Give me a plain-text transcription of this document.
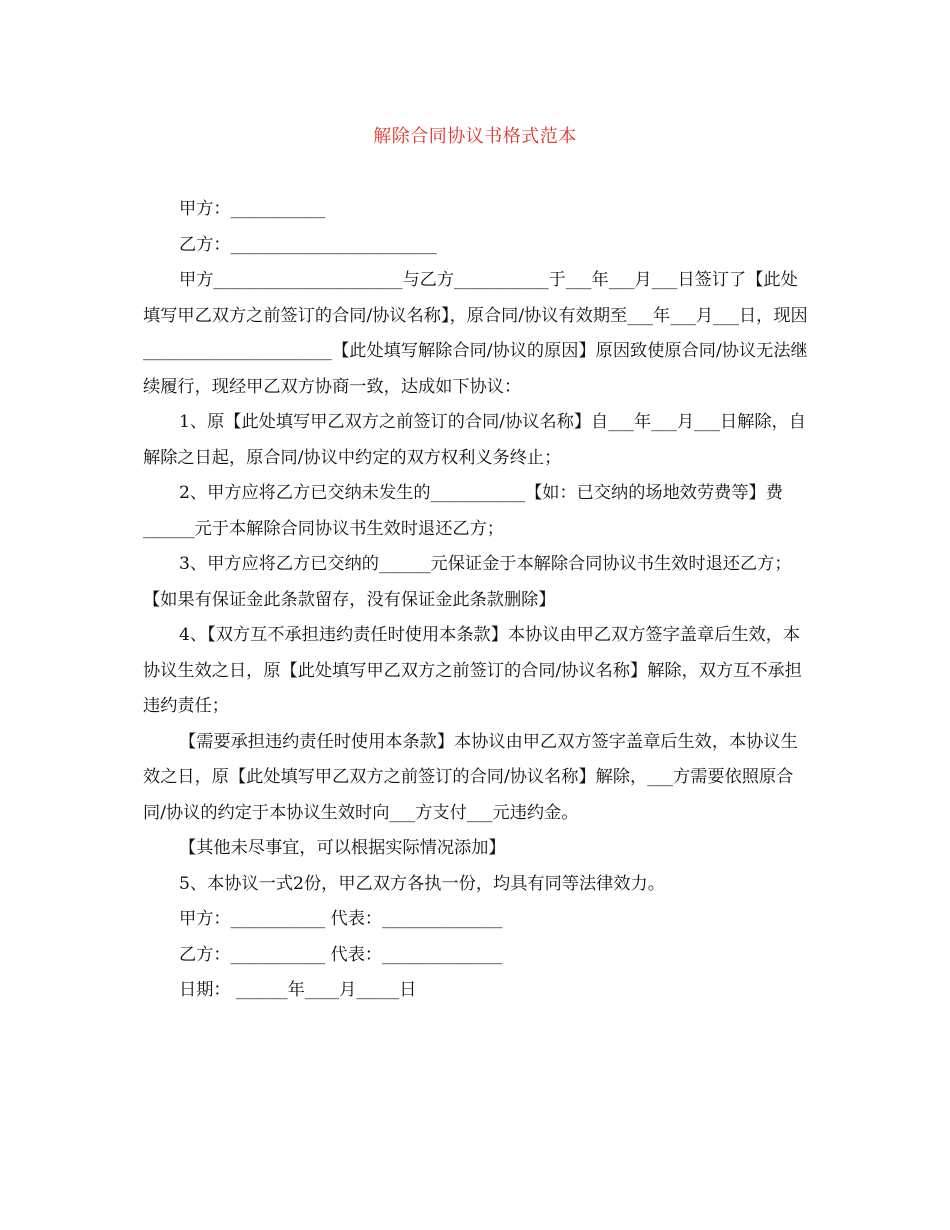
解除合同协议书格式范本

甲方：___________

乙方：________________________

甲方______________________与乙方___________于___年___月___日签订了【此处填写甲乙双方之前签订的合同/协议名称】，原合同/协议有效期至___年___月___日，现因______________________【此处填写解除合同/协议的原因】原因致使原合同/协议无法继续履行，现经甲乙双方协商一致，达成如下协议：

1、原【此处填写甲乙双方之前签订的合同/协议名称】自___年___月___日解除，自解除之日起，原合同/协议中约定的双方权利义务终止；

2、甲方应将乙方已交纳未发生的___________【如：已交纳的场地效劳费等】费______元于本解除合同协议书生效时退还乙方；

3、甲方应将乙方已交纳的______元保证金于本解除合同协议书生效时退还乙方；【如果有保证金此条款留存，没有保证金此条款删除】

4、【双方互不承担违约责任时使用本条款】本协议由甲乙双方签字盖章后生效，本协议生效之日，原【此处填写甲乙双方之前签订的合同/协议名称】解除，双方互不承担违约责任；

【需要承担违约责任时使用本条款】本协议由甲乙双方签字盖章后生效，本协议生效之日，原【此处填写甲乙双方之前签订的合同/协议名称】解除，___方需要依照原合同/协议的约定于本协议生效时向___方支付___元违约金。

【其他未尽事宜，可以根据实际情况添加】

5、本协议一式2份，甲乙双方各执一份，均具有同等法律效力。

甲方：___________ 代表：______________

乙方：___________ 代表：______________

日期： ______年____月_____日
